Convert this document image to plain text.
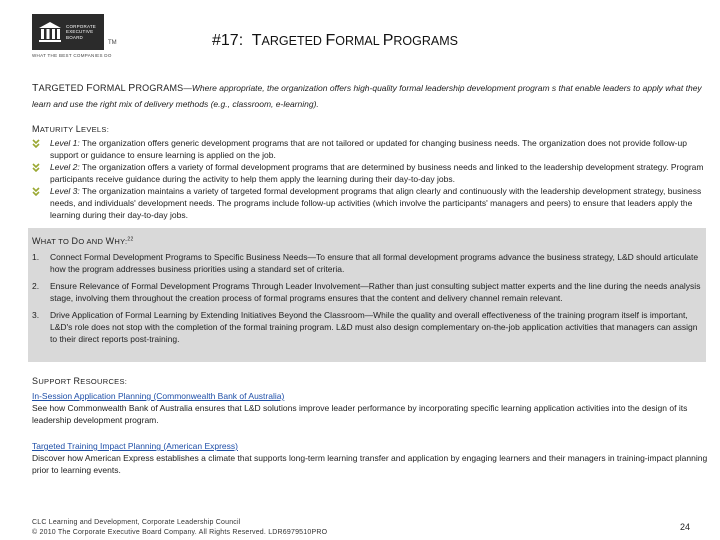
CORPORATE
EXECUTIVE
BOARD
TM
WHAT THE BEST COMPANIES DO
#17: TARGETED FORMAL PROGRAMS
TARGETED FORMAL PROGRAMS—Where appropriate, the organization offers high-quality formal leadership development program s that enable leaders to apply what they learn and use the right mix of delivery methods (e.g., classroom, e-learning).
MATURITY LEVELS:
Level 1: The organization offers generic development programs that are not tailored or updated for changing business needs. The organization does not provide follow-up support or guidance to ensure learning is applied on the job.
Level 2: The organization offers a variety of formal development programs that are determined by business needs and linked to the leadership development strategy. Program participants receive guidance during the activity to help them apply the learning during their day-to-day jobs.
Level 3: The organization maintains a variety of targeted formal development programs that align clearly and continuously with the leadership development strategy, business needs, and individuals' development needs. The programs include follow-up activities (which involve the participants' managers and peers) to ensure that leaders apply the learning during their day-to-day jobs.
WHAT TO DO AND WHY:$^{22}$
1. Connect Formal Development Programs to Specific Business Needs—To ensure that all formal development programs advance the business strategy, L&D should articulate how the program addresses business priorities using a standard set of criteria.
2. Ensure Relevance of Formal Development Programs Through Leader Involvement—Rather than just consulting subject matter experts and the line during the needs analysis stage, involving them throughout the creation process of formal programs ensures that the content and delivery channel remain relevant.
3. Drive Application of Formal Learning by Extending Initiatives Beyond the Classroom—While the quality and overall effectiveness of the training program itself is important, L&D's role does not stop with the completion of the formal training program. L&D must also design complementary on-the-job application activities that managers can assign to their direct reports post-training.
SUPPORT RESOURCES:
In-Session Application Planning (Commonwealth Bank of Australia)
See how Commonwealth Bank of Australia ensures that L&D solutions improve leader performance by incorporating specific learning application activities into the design of its leadership development program.
Targeted Training Impact Planning (American Express)
Discover how American Express establishes a climate that supports long-term learning transfer and application by engaging learners and their managers in training-impact planning prior to learning events.
CLC Learning and Development, Corporate Leadership Council
© 2010 The Corporate Executive Board Company. All Rights Reserved. LDR6979510PRO
24
